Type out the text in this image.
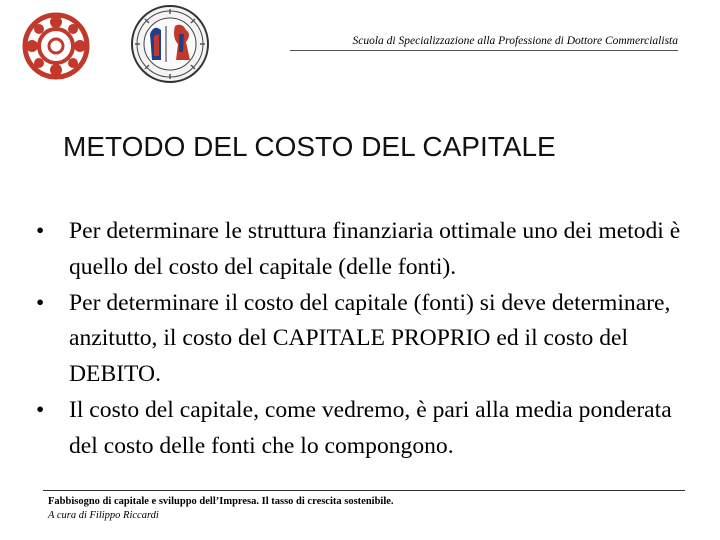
Scuola di Specializzazione alla Professione di Dottore Commercialista
METODO DEL COSTO DEL CAPITALE
• Per determinare le struttura finanziaria ottimale uno dei metodi è quello del costo del capitale (delle fonti).
• Per determinare il costo del capitale (fonti) si deve determinare, anzitutto, il costo del CAPITALE PROPRIO ed il costo del DEBITO.
• Il costo del capitale, come vedremo, è pari alla media ponderata del costo delle fonti che lo compongono.
Fabbisogno di capitale e sviluppo dell’Impresa. Il tasso di crescita sostenibile.
A cura di Filippo Riccardi
